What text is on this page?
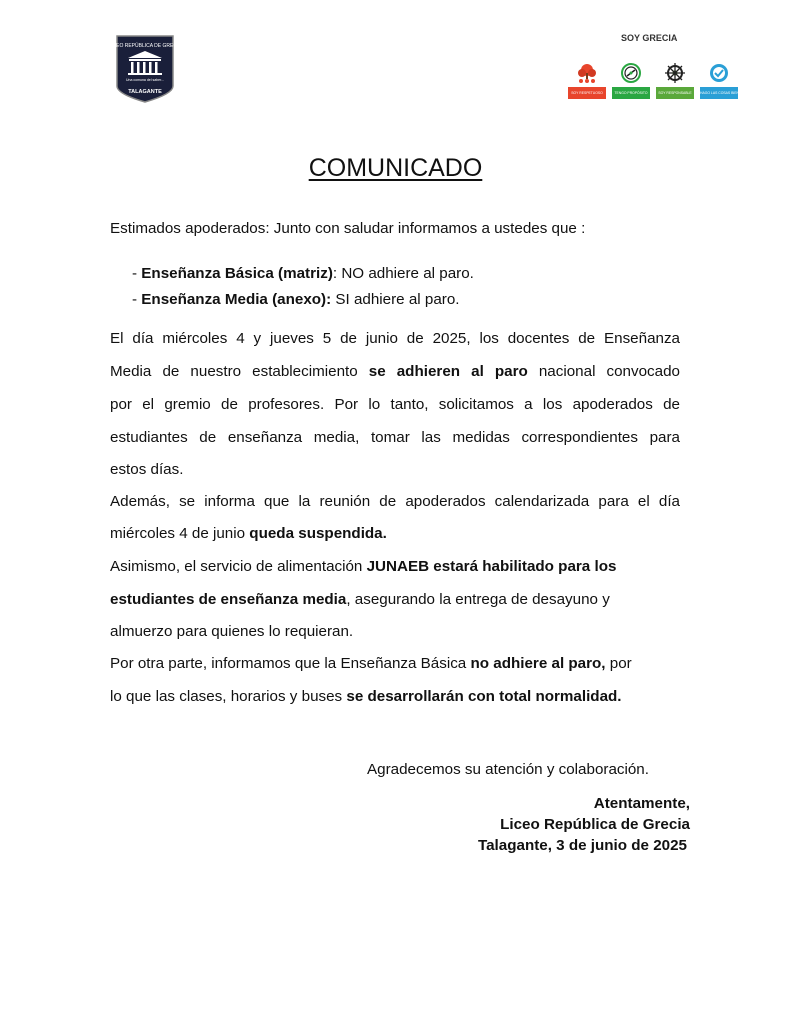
LICEO REPÚBLICA DE GRECIA
Una comuna del saber...
TALAGANTE
SOY GRECIA
SOY RESPETUOSO	TENGO PROPÓSITO	SOY RESPONSABLE	HAGO LAS COSAS BIEN
COMUNICADO
Estimados apoderados: Junto con saludar informamos a ustedes que :
- Enseñanza Básica (matriz): NO adhiere al paro.
- Enseñanza Media (anexo): SI adhiere al paro.
El día miércoles 4 y jueves 5 de junio de 2025, los docentes de Enseñanza
Media de nuestro establecimiento se adhieren al paro nacional convocado
por el gremio de profesores. Por lo tanto, solicitamos a los apoderados de
estudiantes de enseñanza media, tomar las medidas correspondientes para
estos días.
Además, se informa que la reunión de apoderados calendarizada para el día
miércoles 4 de junio queda suspendida.
Asimismo, el servicio de alimentación JUNAEB estará habilitado para los
estudiantes de enseñanza media, asegurando la entrega de desayuno y
almuerzo para quienes lo requieran.
Por otra parte, informamos que la Enseñanza Básica no adhiere al paro, por
lo que las clases, horarios y buses se desarrollarán con total normalidad.
Agradecemos su atención y colaboración.
Atentamente,
Liceo República de Grecia
Talagante, 3 de junio de 2025
